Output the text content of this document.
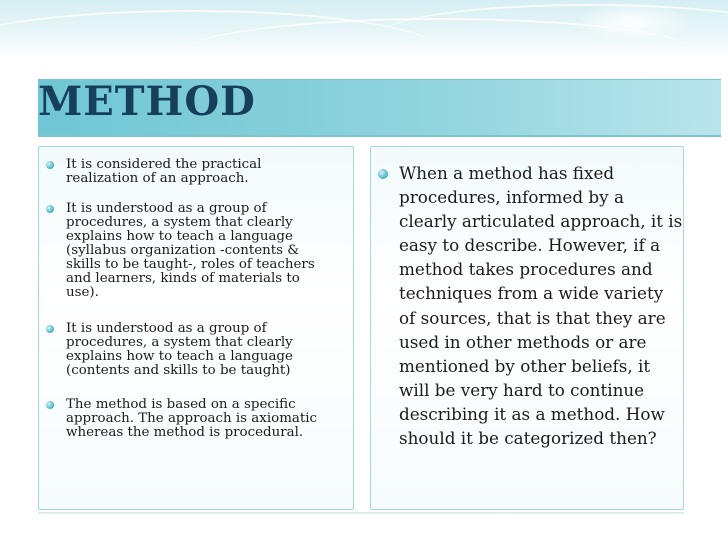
METHOD
It is considered the practical
realization of an approach.
It is understood as a group of
procedures, a system that clearly
explains how to teach a language
(syllabus organization -contents &
skills to be taught-, roles of teachers
and learners, kinds of materials to
use).
It is understood as a group of
procedures, a system that clearly
explains how to teach a language
(contents and skills to be taught)
The method is based on a specific
approach. The approach is axiomatic
whereas the method is procedural.
When a method has fixed
procedures, informed by a
clearly articulated approach, it is
easy to describe. However, if a
method takes procedures and
techniques from a wide variety
of sources, that is that they are
used in other methods or are
mentioned by other beliefs, it
will be very hard to continue
describing it as a method. How
should it be categorized then?
